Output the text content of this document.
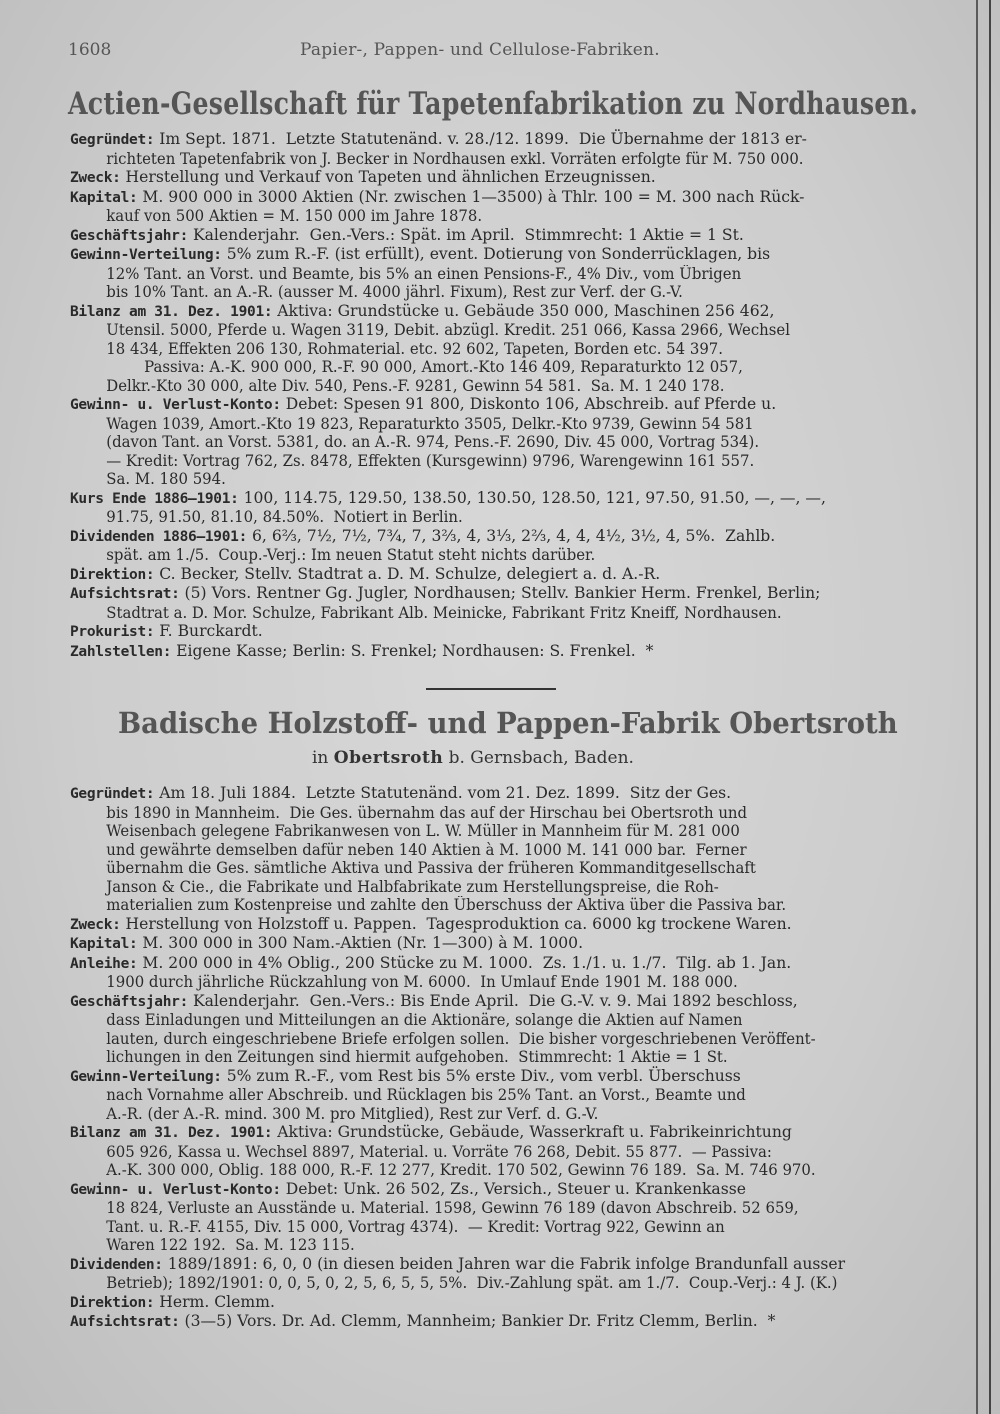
1608	Papier-, Pappen- und Cellulose-Fabriken.
Actien-Gesellschaft für Tapetenfabrikation zu Nordhausen.
Gegründet: Im Sept. 1871.  Letzte Statutenänd. v. 28./12. 1899.  Die Übernahme der 1813 er-
richteten Tapetenfabrik von J. Becker in Nordhausen exkl. Vorräten erfolgte für M. 750 000.
Zweck: Herstellung und Verkauf von Tapeten und ähnlichen Erzeugnissen.
Kapital: M. 900 000 in 3000 Aktien (Nr. zwischen 1—3500) à Thlr. 100 = M. 300 nach Rück-
kauf von 500 Aktien = M. 150 000 im Jahre 1878.
Geschäftsjahr: Kalenderjahr.  Gen.-Vers.: Spät. im April.  Stimmrecht: 1 Aktie = 1 St.
Gewinn-Verteilung: 5% zum R.-F. (ist erfüllt), event. Dotierung von Sonderrücklagen, bis
12% Tant. an Vorst. und Beamte, bis 5% an einen Pensions-F., 4% Div., vom Übrigen
bis 10% Tant. an A.-R. (ausser M. 4000 jährl. Fixum), Rest zur Verf. der G.-V.
Bilanz am 31. Dez. 1901: Aktiva: Grundstücke u. Gebäude 350 000, Maschinen 256 462,
Utensil. 5000, Pferde u. Wagen 3119, Debit. abzügl. Kredit. 251 066, Kassa 2966, Wechsel
18 434, Effekten 206 130, Rohmaterial. etc. 92 602, Tapeten, Borden etc. 54 397.
Passiva: A.-K. 900 000, R.-F. 90 000, Amort.-Kto 146 409, Reparaturkto 12 057,
Delkr.-Kto 30 000, alte Div. 540, Pens.-F. 9281, Gewinn 54 581.  Sa. M. 1 240 178.
Gewinn- u. Verlust-Konto: Debet: Spesen 91 800, Diskonto 106, Abschreib. auf Pferde u.
Wagen 1039, Amort.-Kto 19 823, Reparaturkto 3505, Delkr.-Kto 9739, Gewinn 54 581
(davon Tant. an Vorst. 5381, do. an A.-R. 974, Pens.-F. 2690, Div. 45 000, Vortrag 534).
— Kredit: Vortrag 762, Zs. 8478, Effekten (Kursgewinn) 9796, Warengewinn 161 557.
Sa. M. 180 594.
Kurs Ende 1886—1901: 100, 114.75, 129.50, 138.50, 130.50, 128.50, 121, 97.50, 91.50, —, —, —,
91.75, 91.50, 81.10, 84.50%.  Notiert in Berlin.
Dividenden 1886—1901: 6, 6⅔, 7½, 7½, 7¾, 7, 3⅔, 4, 3⅓, 2⅔, 4, 4, 4½, 3½, 4, 5%.  Zahlb.
spät. am 1./5.  Coup.-Verj.: Im neuen Statut steht nichts darüber.
Direktion: C. Becker, Stellv. Stadtrat a. D. M. Schulze, delegiert a. d. A.-R.
Aufsichtsrat: (5) Vors. Rentner Gg. Jugler, Nordhausen; Stellv. Bankier Herm. Frenkel, Berlin;
Stadtrat a. D. Mor. Schulze, Fabrikant Alb. Meinicke, Fabrikant Fritz Kneiff, Nordhausen.
Prokurist: F. Burckardt.
Zahlstellen: Eigene Kasse; Berlin: S. Frenkel; Nordhausen: S. Frenkel.  *
Badische Holzstoff- und Pappen-Fabrik Obertsroth
in Obertsroth b. Gernsbach, Baden.
Gegründet: Am 18. Juli 1884.  Letzte Statutenänd. vom 21. Dez. 1899.  Sitz der Ges.
bis 1890 in Mannheim.  Die Ges. übernahm das auf der Hirschau bei Obertsroth und
Weisenbach gelegene Fabrikanwesen von L. W. Müller in Mannheim für M. 281 000
und gewährte demselben dafür neben 140 Aktien à M. 1000 M. 141 000 bar.  Ferner
übernahm die Ges. sämtliche Aktiva und Passiva der früheren Kommanditgesellschaft
Janson & Cie., die Fabrikate und Halbfabrikate zum Herstellungspreise, die Roh-
materialien zum Kostenpreise und zahlte den Überschuss der Aktiva über die Passiva bar.
Zweck: Herstellung von Holzstoff u. Pappen.  Tagesproduktion ca. 6000 kg trockene Waren.
Kapital: M. 300 000 in 300 Nam.-Aktien (Nr. 1—300) à M. 1000.
Anleihe: M. 200 000 in 4% Oblig., 200 Stücke zu M. 1000.  Zs. 1./1. u. 1./7.  Tilg. ab 1. Jan.
1900 durch jährliche Rückzahlung von M. 6000.  In Umlauf Ende 1901 M. 188 000.
Geschäftsjahr: Kalenderjahr.  Gen.-Vers.: Bis Ende April.  Die G.-V. v. 9. Mai 1892 beschloss,
dass Einladungen und Mitteilungen an die Aktionäre, solange die Aktien auf Namen
lauten, durch eingeschriebene Briefe erfolgen sollen.  Die bisher vorgeschriebenen Veröffent-
lichungen in den Zeitungen sind hiermit aufgehoben.  Stimmrecht: 1 Aktie = 1 St.
Gewinn-Verteilung: 5% zum R.-F., vom Rest bis 5% erste Div., vom verbl. Überschuss
nach Vornahme aller Abschreib. und Rücklagen bis 25% Tant. an Vorst., Beamte und
A.-R. (der A.-R. mind. 300 M. pro Mitglied), Rest zur Verf. d. G.-V.
Bilanz am 31. Dez. 1901: Aktiva: Grundstücke, Gebäude, Wasserkraft u. Fabrikeinrichtung
605 926, Kassa u. Wechsel 8897, Material. u. Vorräte 76 268, Debit. 55 877.  — Passiva:
A.-K. 300 000, Oblig. 188 000, R.-F. 12 277, Kredit. 170 502, Gewinn 76 189.  Sa. M. 746 970.
Gewinn- u. Verlust-Konto: Debet: Unk. 26 502, Zs., Versich., Steuer u. Krankenkasse
18 824, Verluste an Ausstände u. Material. 1598, Gewinn 76 189 (davon Abschreib. 52 659,
Tant. u. R.-F. 4155, Div. 15 000, Vortrag 4374).  — Kredit: Vortrag 922, Gewinn an
Waren 122 192.  Sa. M. 123 115.
Dividenden: 1889/1891: 6, 0, 0 (in diesen beiden Jahren war die Fabrik infolge Brandunfall ausser
Betrieb); 1892/1901: 0, 0, 5, 0, 2, 5, 6, 5, 5, 5%.  Div.-Zahlung spät. am 1./7.  Coup.-Verj.: 4 J. (K.)
Direktion: Herm. Clemm.
Aufsichtsrat: (3—5) Vors. Dr. Ad. Clemm, Mannheim; Bankier Dr. Fritz Clemm, Berlin.  *
